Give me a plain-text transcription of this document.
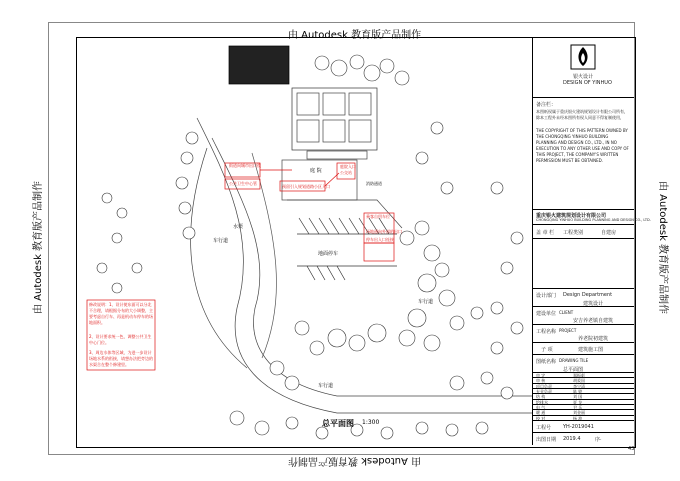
由 Autodesk 教育版产品制作
由 Autodesk 教育版产品制作
由 Autodesk 教育版产品制作	由 Autodesk 教育版产品制作
车行道
车行道
车行道
水渠
地面停车
庭 院
消防通道
街道向城市出口缆
公共卫生中心管
预留引入规划道路小区入口
庭院入口
公交站
乘客自用车位
场地通向外部的出口
停车出入口连接
修改说明：1、设计使东面可以分北不合理，请根据分布的大小调整，主要考虑自行车、再是机动车停车的场地面积。
2、设计要求统一色，调整公共卫生中心门位。
3、周边水体等区域，为进一步设计场地水系的衔接，请想办法把旁边的水渠合在整个修建里。
总平面图 1:300
银火设计
DESIGN OF YINHUO
备注栏：
本图纸权属于重庆银火建筑规划设计有限公司所有，除本工程外未经本图所有权人同意不得复制使用，
THE COPYRIGHT OF THIS PATTERN OWNED BY THE CHONGQING YINHUO BUILDING PLANNING AND DESIGN CO., LTD., IN NO EXECUTION TO ANY OTHER USE AND COPY OF THIS PROJECT, THE COMPANY'S WRITTEN PERMISSION MUST BE OBTAINED.
重庆银火建筑规划设计有限公司
CHONGQING YINHUO BUILDING PLANNING AND DESIGN CO., LTD.
盖 章 栏 工程类别	自建房
设计部门 Design Department
建筑设计
建设单位 CLIENT
安吉养老镇自建筑
工程名称 PROJECT
养老院初建筑
子 项	建筑施工图
图纸名称 DRAWING TILE
总平面图
审 定	郑振彪
审 核	胡爱国
项目负责	李宁清
专业负责	陈 婷
结 构	刘 国
给排水	夏 龙
电 气	尹 乐
暖 通	刘金丽
校 对	杨 波
工程号 YH-2019041
出图日期 2019.4	序·
43
